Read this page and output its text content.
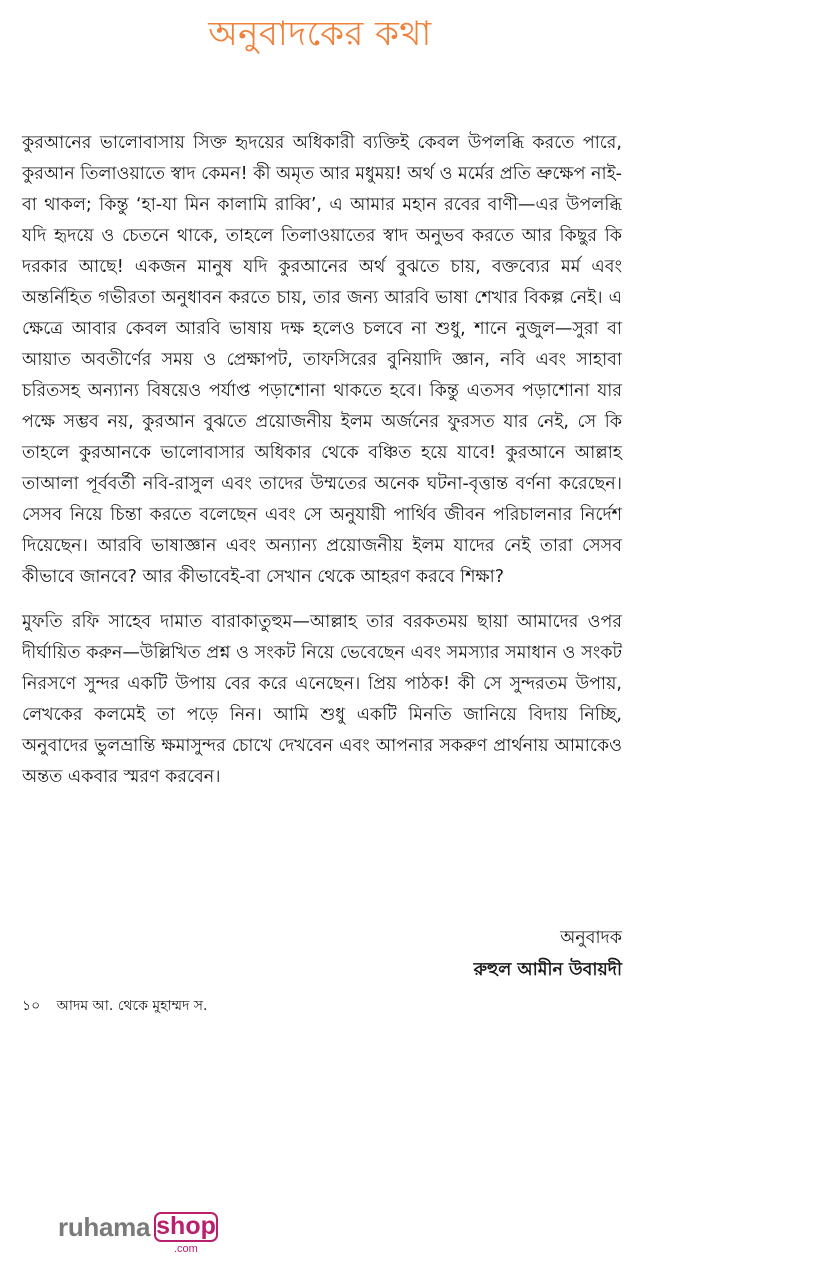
অনুবাদকের কথা

কুরআনের ভালোবাসায় সিক্ত হৃদয়ের অধিকারী ব্যক্তিই কেবল উপলব্ধি করতে পারে, কুরআন তিলাওয়াতে স্বাদ কেমন! কী অমৃত আর মধুময়! অর্থ ও মর্মের প্রতি ভ্রুক্ষেপ নাই-বা থাকল; কিন্তু ‘হা-যা মিন কালামি রাব্বি’, এ আমার মহান রবের বাণী—এর উপলব্ধি যদি হৃদয়ে ও চেতনে থাকে, তাহলে তিলাওয়াতের স্বাদ অনুভব করতে আর কিছুর কি দরকার আছে! একজন মানুষ যদি কুরআনের অর্থ বুঝতে চায়, বক্তব্যের মর্ম এবং অন্তর্নিহিত গভীরতা অনুধাবন করতে চায়, তার জন্য আরবি ভাষা শেখার বিকল্প নেই। এ ক্ষেত্রে আবার কেবল আরবি ভাষায় দক্ষ হলেও চলবে না শুধু, শানে নুজুল—সুরা বা আয়াত অবতীর্ণের সময় ও প্রেক্ষাপট, তাফসিরের বুনিয়াদি জ্ঞান, নবি এবং সাহাবা চরিতসহ অন্যান্য বিষয়েও পর্যাপ্ত পড়াশোনা থাকতে হবে। কিন্তু এতসব পড়াশোনা যার পক্ষে সম্ভব নয়, কুরআন বুঝতে প্রয়োজনীয় ইলম অর্জনের ফুরসত যার নেই, সে কি তাহলে কুরআনকে ভালোবাসার অধিকার থেকে বঞ্চিত হয়ে যাবে! কুরআনে আল্লাহ তাআলা পূর্ববর্তী নবি-রাসুল এবং তাদের উম্মতের অনেক ঘটনা-বৃত্তান্ত বর্ণনা করেছেন। সেসব নিয়ে চিন্তা করতে বলেছেন এবং সে অনুযায়ী পার্থিব জীবন পরিচালনার নির্দেশ দিয়েছেন। আরবি ভাষাজ্ঞান এবং অন্যান্য প্রয়োজনীয় ইলম যাদের নেই তারা সেসব কীভাবে জানবে? আর কীভাবেই-বা সেখান থেকে আহরণ করবে শিক্ষা?

মুফতি রফি সাহেব দামাত বারাকাতুহুম—আল্লাহ তার বরকতময় ছায়া আমাদের ওপর দীর্ঘায়িত করুন—উল্লিখিত প্রশ্ন ও সংকট নিয়ে ভেবেছেন এবং সমস্যার সমাধান ও সংকট নিরসণে সুন্দর একটি উপায় বের করে এনেছেন। প্রিয় পাঠক! কী সে সুন্দরতম উপায়, লেখকের কলমেই তা পড়ে নিন। আমি শুধু একটি মিনতি জানিয়ে বিদায় নিচ্ছি, অনুবাদের ভুলভ্রান্তি ক্ষমাসুন্দর চোখে দেখবেন এবং আপনার সকরুণ প্রার্থনায় আমাকেও অন্তত একবার স্মরণ করবেন।

অনুবাদক
রুহুল আমীন উবায়দী
১০ আদম আ. থেকে মুহাম্মদ স.
ruhama shop
.com
